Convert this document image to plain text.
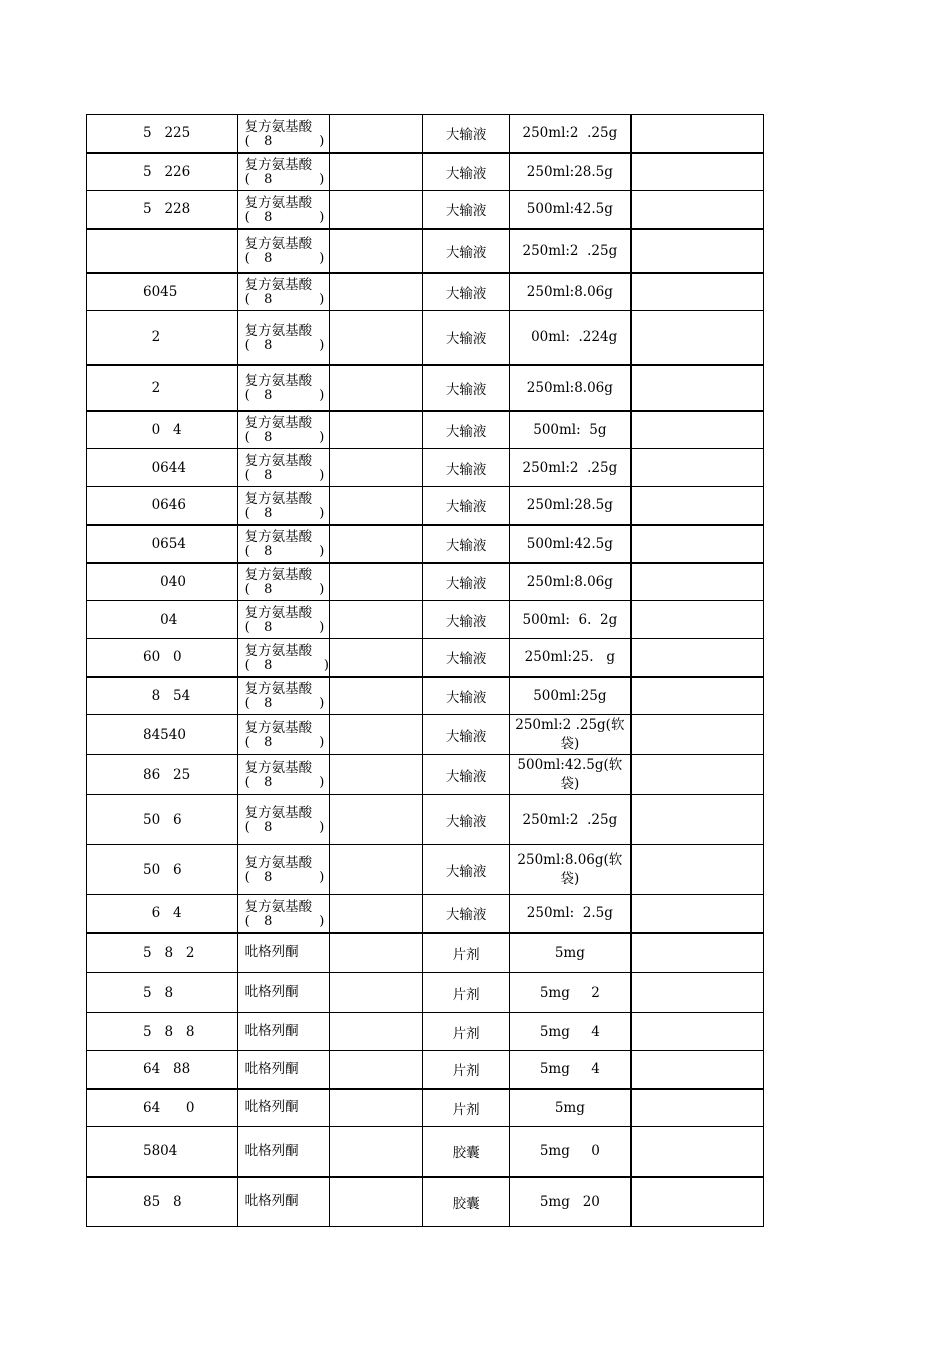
5   225	复方氨基酸
(   8          )		大输液	250ml:2  .25g	
5   226	复方氨基酸
(   8          )		大输液	250ml:28.5g	
5   228	复方氨基酸
(   8          )		大输液	500ml:42.5g	

	复方氨基酸
(   8          )		大输液	250ml:2  .25g	
6045	复方氨基酸
(   8          )		大输液	250ml:8.06g	
2	复方氨基酸
(   8          )		大输液	00ml:  .224g	
2	复方氨基酸
(   8          )		大输液	250ml:8.06g	
0   4	复方氨基酸
(   8          )		大输液	500ml:  5g	
0644	复方氨基酸
(   8          )		大输液	250ml:2  .25g	
0646	复方氨基酸
(   8          )		大输液	250ml:28.5g	
0654	复方氨基酸
(   8          )		大输液	500ml:42.5g	
040	复方氨基酸
(   8          )		大输液	250ml:8.06g	
04	复方氨基酸
(   8          )		大输液	500ml:  6.  2g	
60   0	复方氨基酸
(   8           )		大输液	250ml:25.   g	
8   54	复方氨基酸
(   8          )		大输液	500ml:25g	
84540	复方氨基酸
(   8          )		大输液	250ml:2 .25g(软袋)	

86   25	复方氨基酸
(   8          )		大输液	500ml:42.5g(软袋)	

50   6	复方氨基酸
(   8          )		大输液	250ml:2  .25g	
50   6	复方氨基酸
(   8          )		大输液	250ml:8.06g(软袋)	

6   4	复方氨基酸
(   8          )		大输液	250ml:  2.5g	
5   8   2	吡格列酮		片剂	5mg	
5   8	吡格列酮		片剂	5mg     2	
5   8   8	吡格列酮		片剂	5mg     4	
64   88	吡格列酮		片剂	5mg     4	
64      0	吡格列酮		片剂	5mg	
5804	吡格列酮		胶囊	5mg     0	
85   8	吡格列酮		胶囊	5mg   20	
